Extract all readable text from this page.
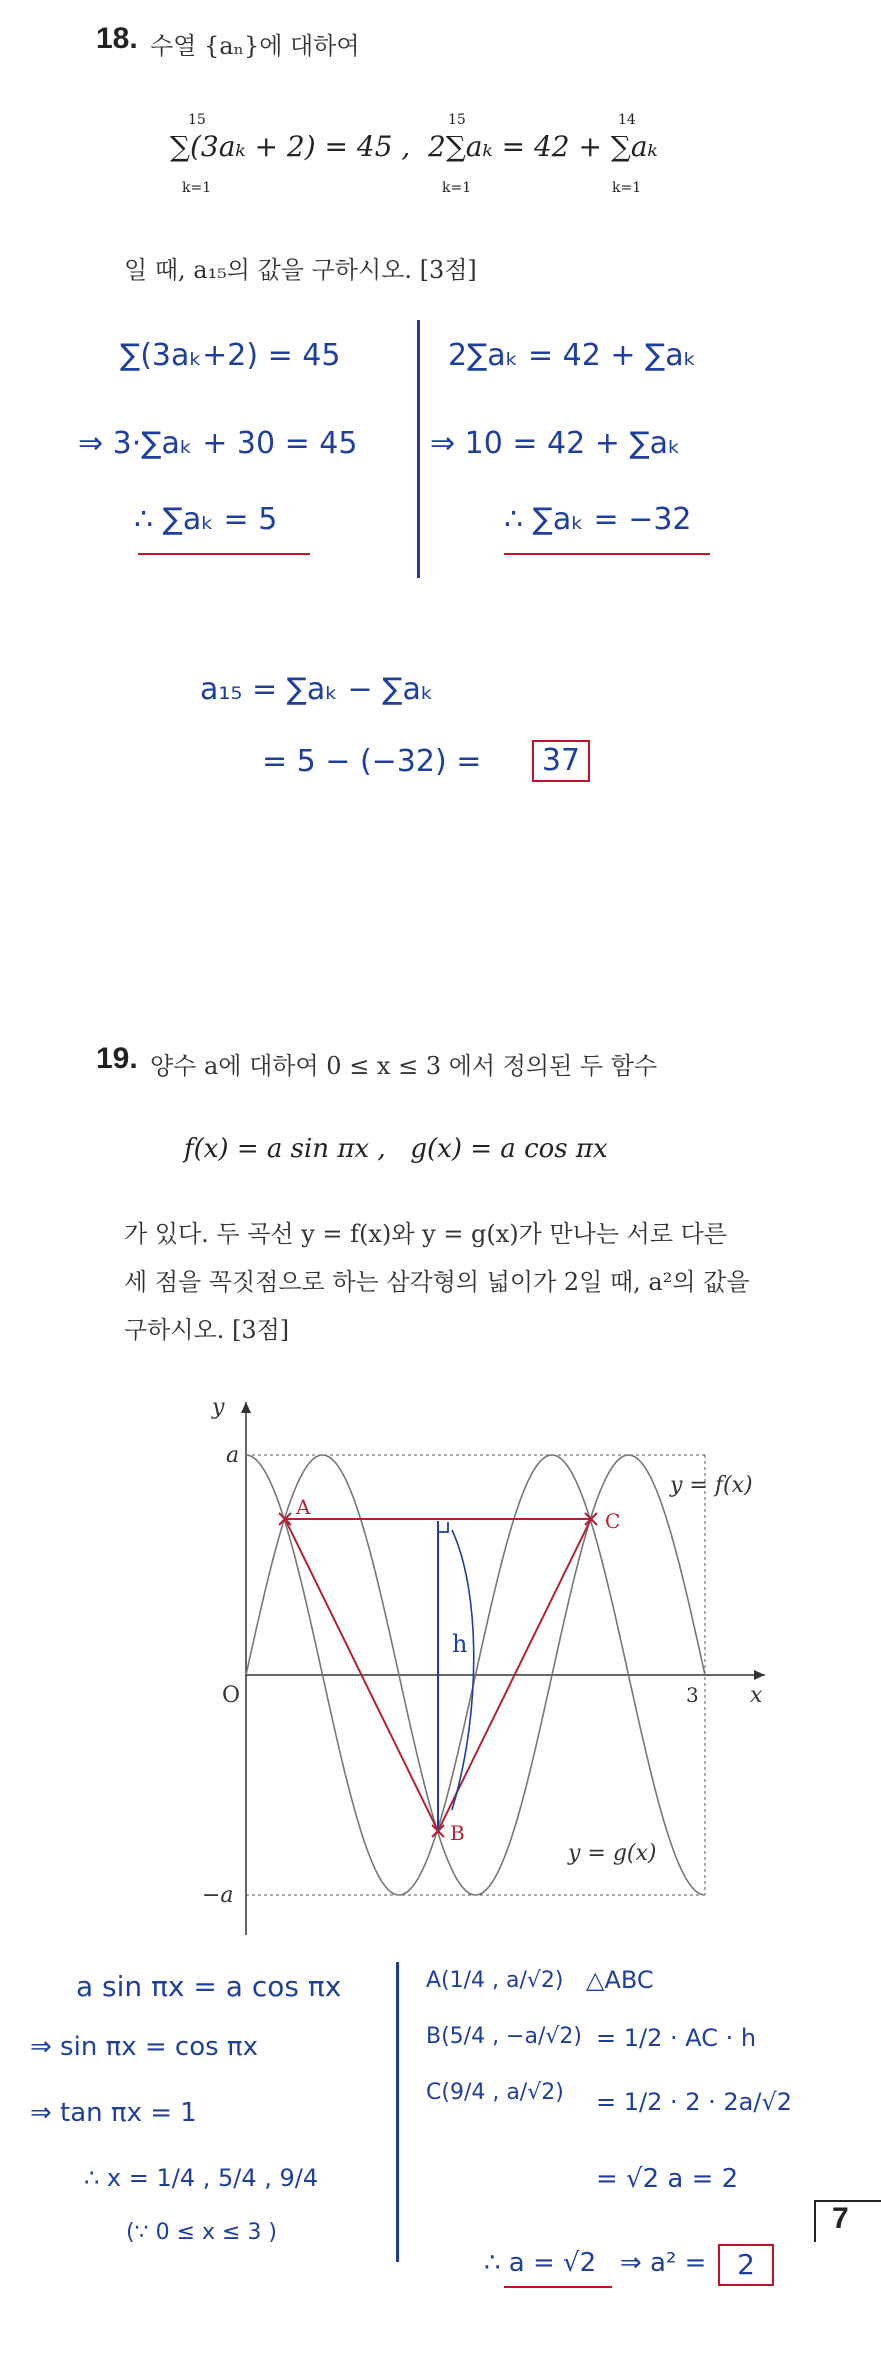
18. 수열 {aₙ}에 대하여
15
k=1
∑(3aₖ + 2) = 45 ,
15
k=1
14
k=1
2∑aₖ = 42 + ∑aₖ
일 때, a₁₅의 값을 구하시오. [3점]
∑(3aₖ+2) = 45
⇒ 3·∑aₖ + 30 = 45
∴ ∑aₖ = 5
2∑aₖ = 42 + ∑aₖ
⇒ 10 = 42 + ∑aₖ
∴ ∑aₖ = −32
a₁₅ = ∑aₖ − ∑aₖ
= 5 − (−32) =	37
19. 양수 a에 대하여 0 ≤ x ≤ 3 에서 정의된 두 함수
f(x) = a sin πx ,   g(x) = a cos πx
가 있다. 두 곡선 y = f(x)와 y = g(x)가 만나는 서로 다른
세 점을 꼭짓점으로 하는 삼각형의 넓이가 2일 때, a²의 값을
구하시오. [3점]
y
x
O	3
a
−a
y = f(x)
y = g(x)
A
C
B
h
a sin πx = a cos πx
⇒ sin πx = cos πx
⇒ tan πx = 1
∴ x = 1/4 , 5/4 , 9/4
(∵ 0 ≤ x ≤ 3 )
A(1/4 , a/√2)
B(5/4 , −a/√2)
C(9/4 , a/√2)
△ABC
= 1/2 · AC · h
= 1/2 · 2 · 2a/√2
= √2 a = 2
∴ a = √2 ⇒ a² =	2
7
